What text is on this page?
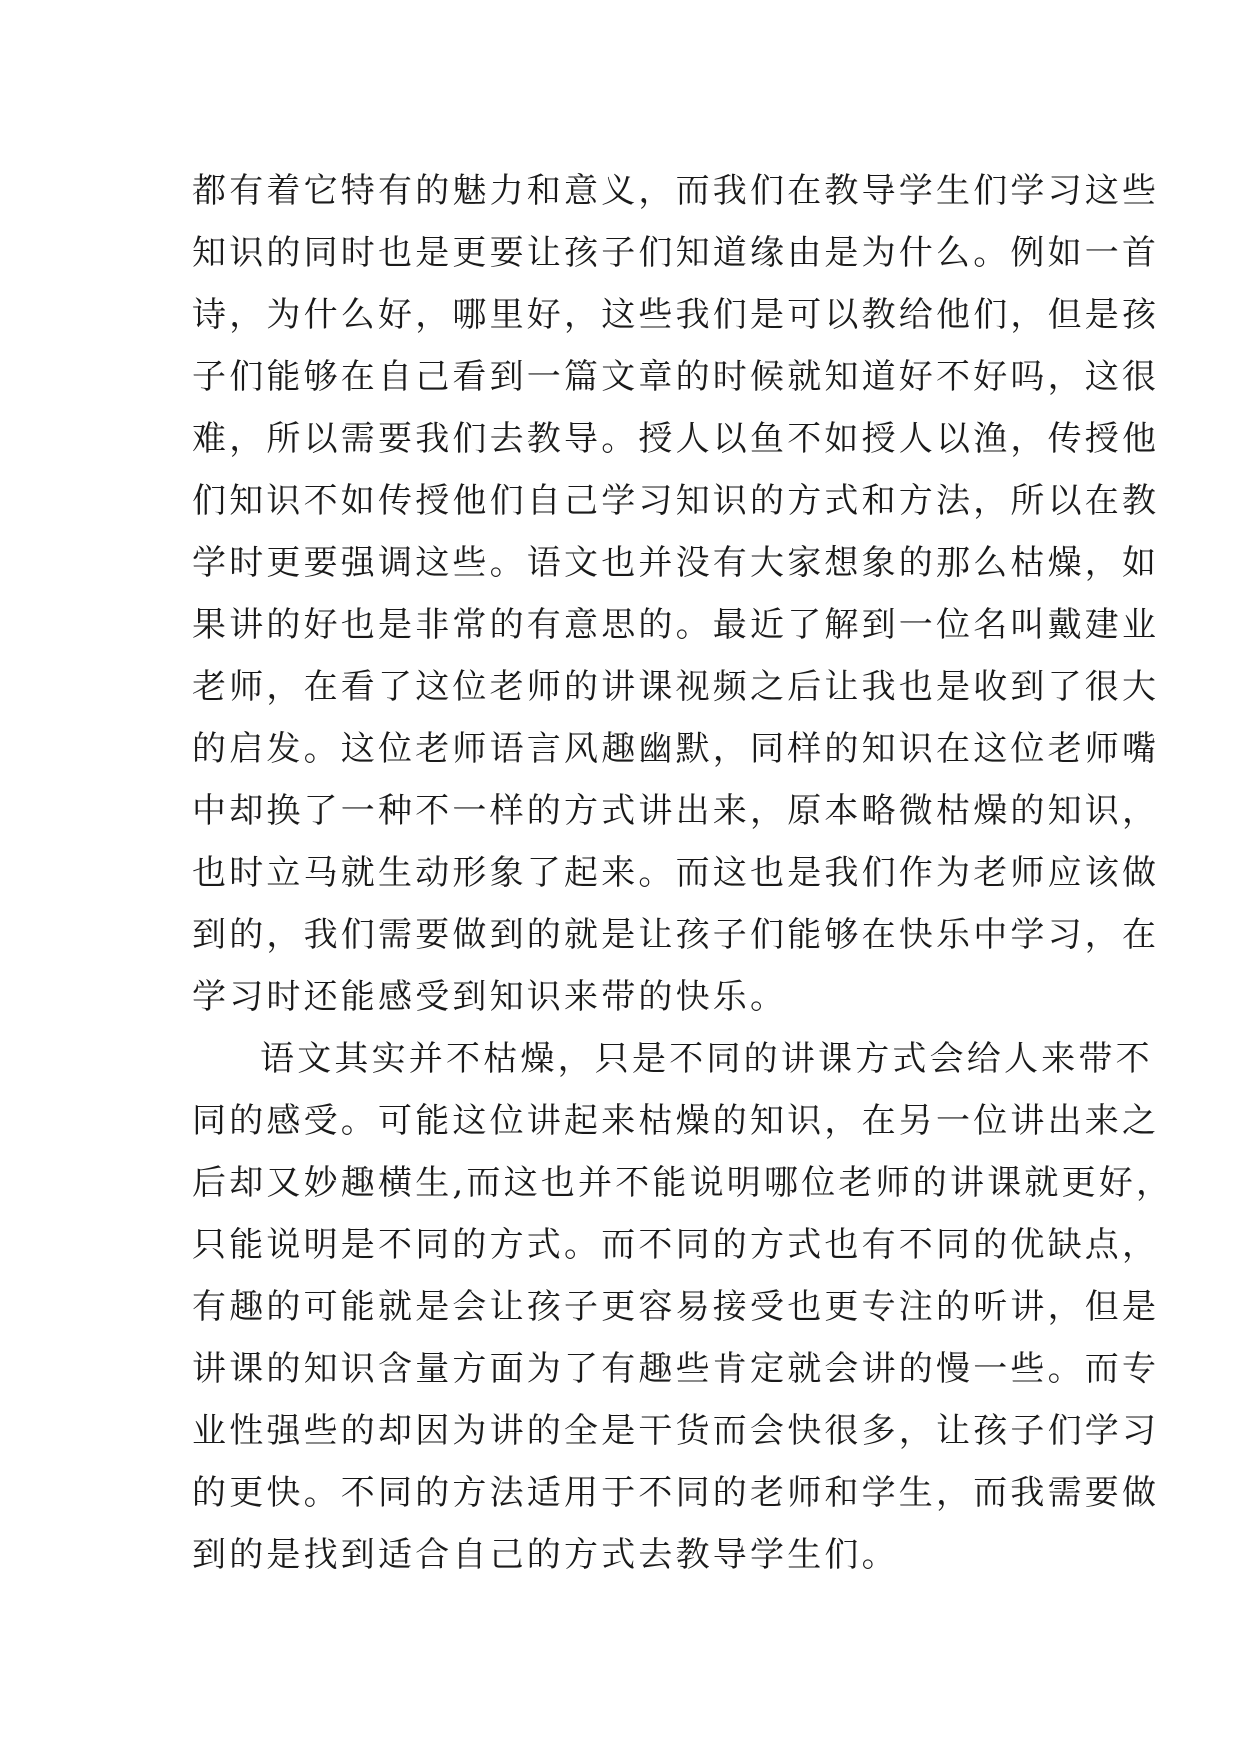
都有着它特有的魅力和意义，而我们在教导学生们学习这些
知识的同时也是更要让孩子们知道缘由是为什么。例如一首
诗，为什么好，哪里好，这些我们是可以教给他们，但是孩
子们能够在自己看到一篇文章的时候就知道好不好吗，这很
难，所以需要我们去教导。授人以鱼不如授人以渔，传授他
们知识不如传授他们自己学习知识的方式和方法，所以在教
学时更要强调这些。语文也并没有大家想象的那么枯燥，如
果讲的好也是非常的有意思的。最近了解到一位名叫戴建业
老师，在看了这位老师的讲课视频之后让我也是收到了很大
的启发。这位老师语言风趣幽默，同样的知识在这位老师嘴
中却换了一种不一样的方式讲出来，原本略微枯燥的知识，
也时立马就生动形象了起来。而这也是我们作为老师应该做
到的，我们需要做到的就是让孩子们能够在快乐中学习，在
学习时还能感受到知识来带的快乐。
语文其实并不枯燥，只是不同的讲课方式会给人来带不
同的感受。可能这位讲起来枯燥的知识，在另一位讲出来之
后却又妙趣横生,而这也并不能说明哪位老师的讲课就更好，
只能说明是不同的方式。而不同的方式也有不同的优缺点，
有趣的可能就是会让孩子更容易接受也更专注的听讲，但是
讲课的知识含量方面为了有趣些肯定就会讲的慢一些。而专
业性强些的却因为讲的全是干货而会快很多，让孩子们学习
的更快。不同的方法适用于不同的老师和学生，而我需要做
到的是找到适合自己的方式去教导学生们。
